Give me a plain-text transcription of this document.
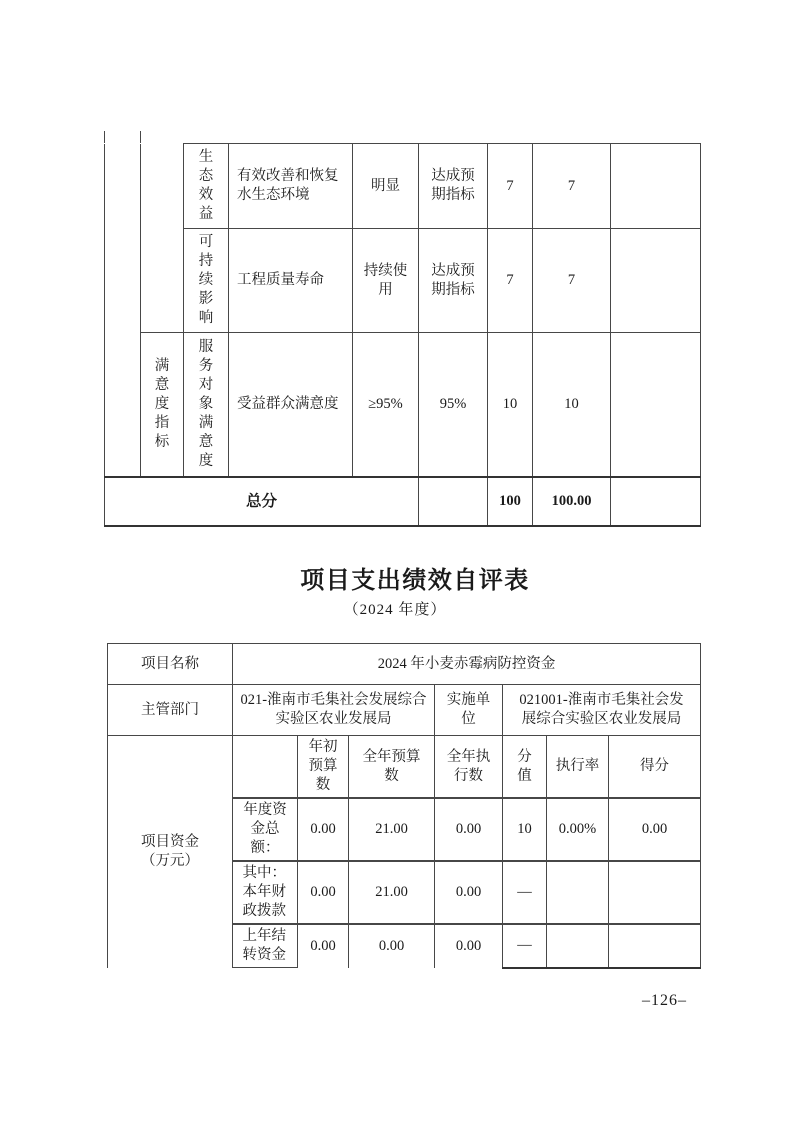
		生态效益	有效改善和恢复水生态环境	明显	达成预期指标	7	7	
		可持续影响	工程质量寿命	持续使用	达成预期指标	7	7	
	满意度指标	服务对象满意度	受益群众满意度	≥95%	95%	10	10	
总分						100	100.00	
项目支出绩效自评表
（2024 年度）
项目名称	2024 年小麦赤霉病防控资金						
主管部门	021-淮南市毛集社会发展综合实验区农业发展局			实施单位	021001-淮南市毛集社会发展综合实验区农业发展局		
项目资金（万元）		年初预算数	全年预算数	全年执行数	分值	执行率	得分
	年度资金总额：	0.00	21.00	0.00	10	0.00%	0.00
	其中：本年财政拨款	0.00	21.00	0.00	—		
	上年结转资金	0.00	0.00	0.00	—		
–126–
